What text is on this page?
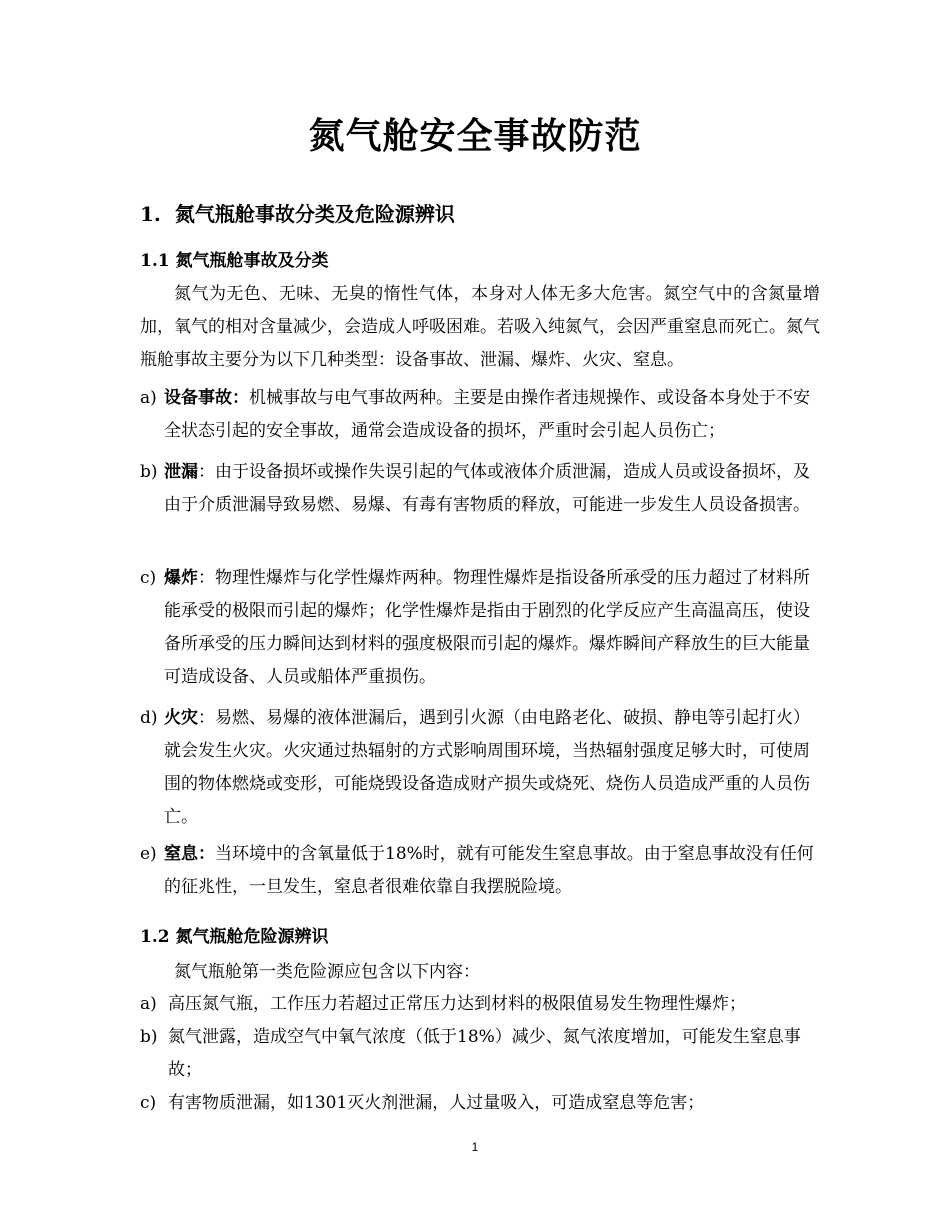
氮气舱安全事故防范
1. 氮气瓶舱事故分类及危险源辨识
1.1 氮气瓶舱事故及分类
氮气为无色、无味、无臭的惰性气体，本身对人体无多大危害。氮空气中的含氮量增加，氧气的相对含量减少，会造成人呼吸困难。若吸入纯氮气，会因严重窒息而死亡。氮气瓶舱事故主要分为以下几种类型：设备事故、泄漏、爆炸、火灾、窒息。
a) 设备事故：机械事故与电气事故两种。主要是由操作者违规操作、或设备本身处于不安全状态引起的安全事故，通常会造成设备的损坏，严重时会引起人员伤亡；
b) 泄漏：由于设备损坏或操作失误引起的气体或液体介质泄漏，造成人员或设备损坏，及由于介质泄漏导致易燃、易爆、有毒有害物质的释放，可能进一步发生人员设备损害。
c) 爆炸：物理性爆炸与化学性爆炸两种。物理性爆炸是指设备所承受的压力超过了材料所能承受的极限而引起的爆炸；化学性爆炸是指由于剧烈的化学反应产生高温高压，使设备所承受的压力瞬间达到材料的强度极限而引起的爆炸。爆炸瞬间产释放生的巨大能量可造成设备、人员或船体严重损伤。
d) 火灾：易燃、易爆的液体泄漏后，遇到引火源（由电路老化、破损、静电等引起打火）就会发生火灾。火灾通过热辐射的方式影响周围环境，当热辐射强度足够大时，可使周围的物体燃烧或变形，可能烧毁设备造成财产损失或烧死、烧伤人员造成严重的人员伤亡。
e) 窒息：当环境中的含氧量低于18%时，就有可能发生窒息事故。由于窒息事故没有任何的征兆性，一旦发生，窒息者很难依靠自我摆脱险境。
1.2 氮气瓶舱危险源辨识
氮气瓶舱第一类危险源应包含以下内容：
a) 高压氮气瓶，工作压力若超过正常压力达到材料的极限值易发生物理性爆炸；
b) 氮气泄露，造成空气中氧气浓度（低于18%）减少、氮气浓度增加，可能发生窒息事故；
c) 有害物质泄漏，如1301灭火剂泄漏，人过量吸入，可造成窒息等危害；
1
